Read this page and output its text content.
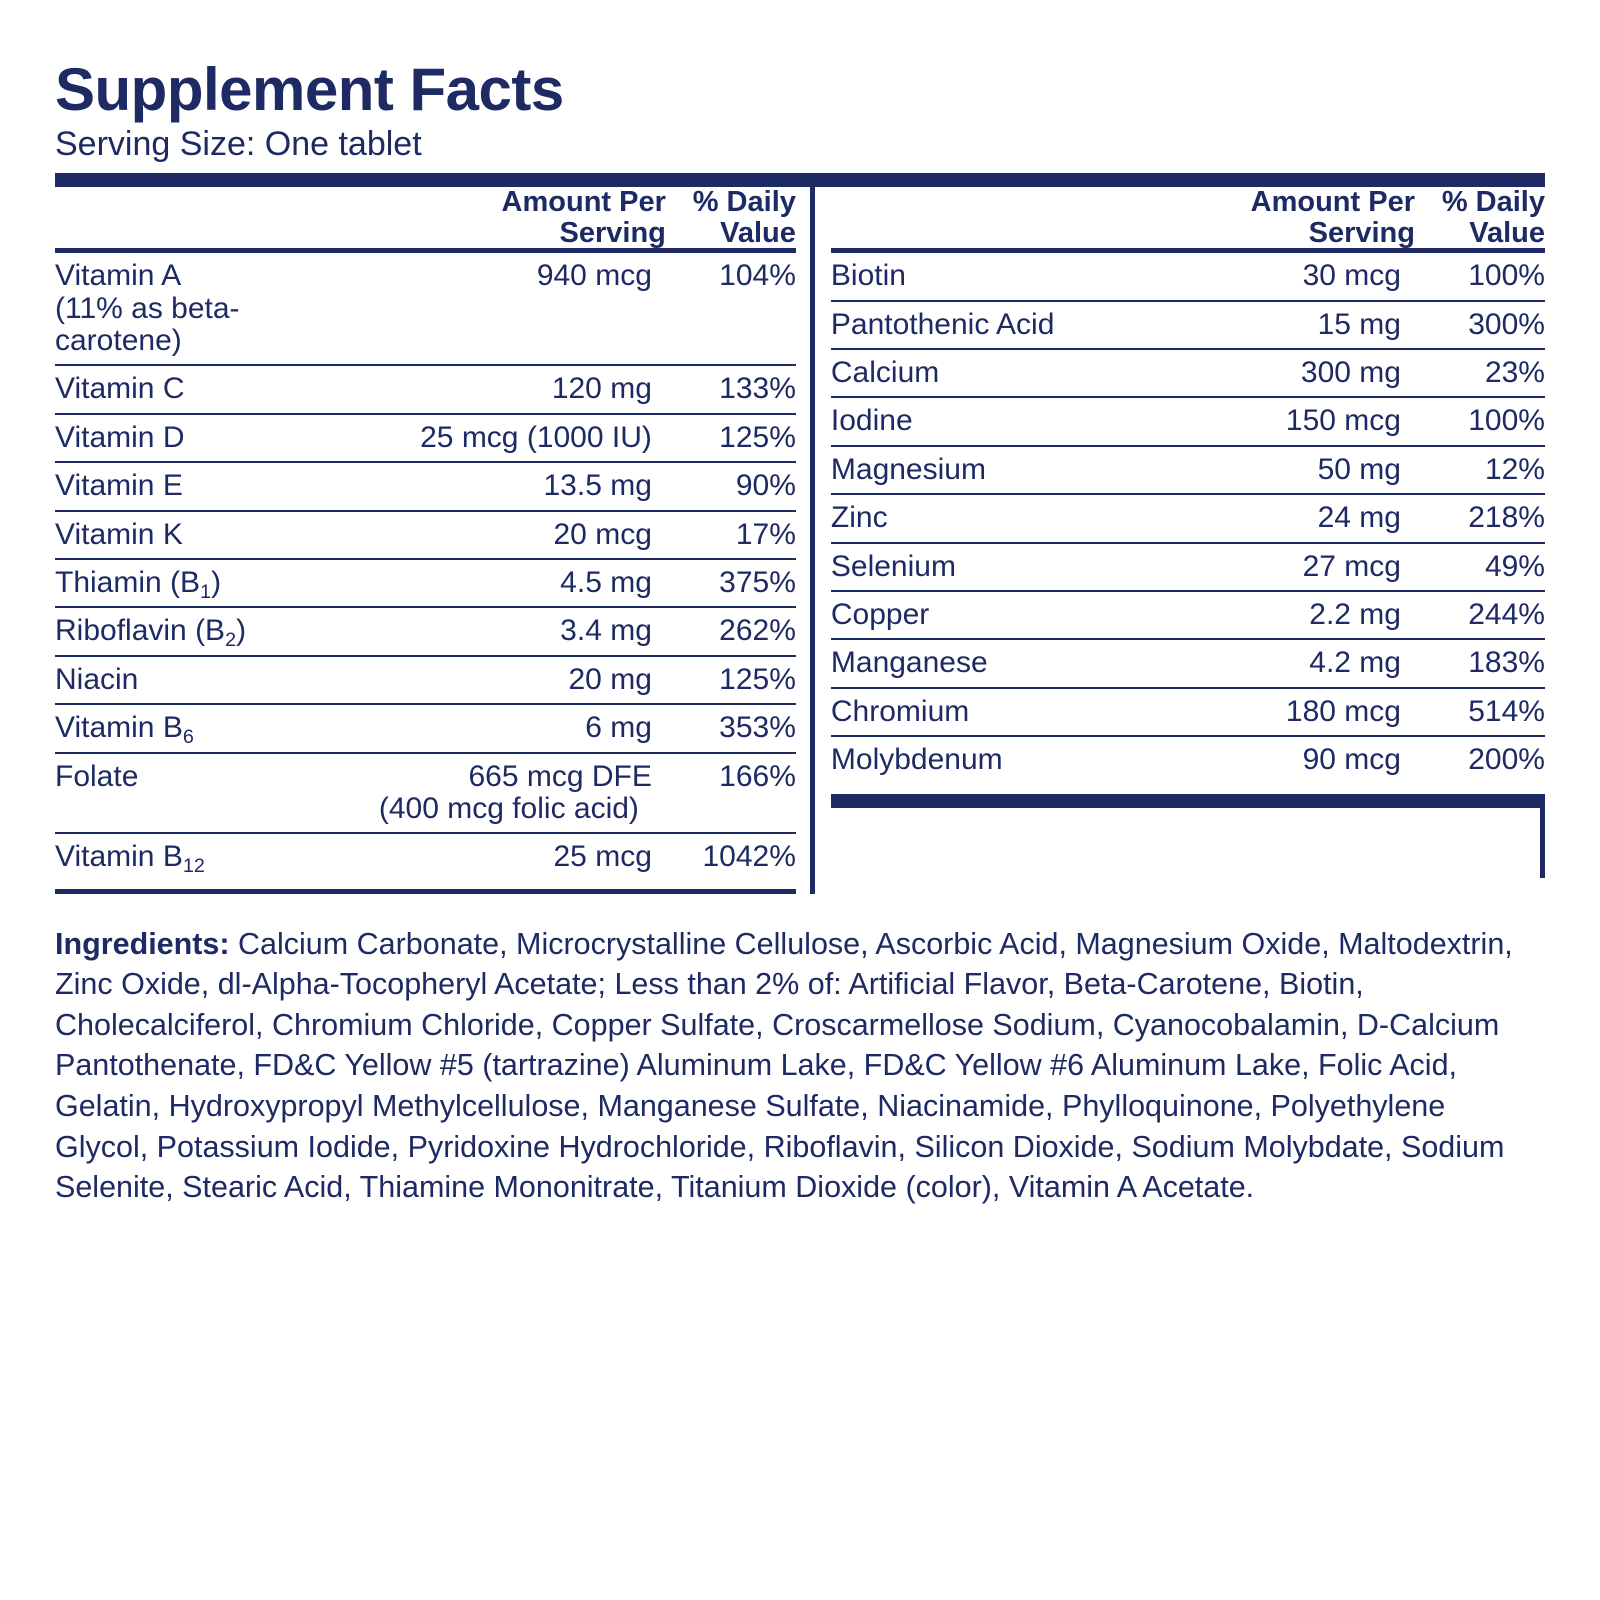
Supplement Facts
Serving Size: One tablet
	Amount Per
Serving	% Daily
Value

Vitamin A	940 mcg	104%
(11% as beta-carotene)		
Vitamin C	120 mg	133%
Vitamin D	25 mcg (1000 IU)	125%
Vitamin E	13.5 mg	90%
Vitamin K	20 mcg	17%
Thiamin $(B_1)$	4.5 mg	375%
Riboflavin $(B_2)$	3.4 mg	262%
Niacin	20 mg	125%
Vitamin $B_6$	6 mg	353%
Folate	665 mcg DFE	166%
	(400 mcg folic acid)	
Vitamin $B_{12}$	25 mcg	1042%
	Amount Per
Serving	% Daily
Value

Biotin	30 mcg	100%
Pantothenic Acid	15 mg	300%
Calcium	300 mg	23%
Iodine	150 mcg	100%
Magnesium	50 mg	12%
Zinc	24 mg	218%
Selenium	27 mcg	49%
Copper	2.2 mg	244%
Manganese	4.2 mg	183%
Chromium	180 mcg	514%
Molybdenum	90 mcg	200%
Ingredients: Calcium Carbonate, Microcrystalline Cellulose, Ascorbic Acid, Magnesium Oxide, Maltodextrin, Zinc Oxide, dl-Alpha-Tocopheryl Acetate; Less than 2% of: Artificial Flavor, Beta-Carotene, Biotin, Cholecalciferol, Chromium Chloride, Copper Sulfate, Croscarmellose Sodium, Cyanocobalamin, D-Calcium Pantothenate, FD&C Yellow #5 (tartrazine) Aluminum Lake, FD&C Yellow #6 Aluminum Lake, Folic Acid, Gelatin, Hydroxypropyl Methylcellulose, Manganese Sulfate, Niacinamide, Phylloquinone, Polyethylene Glycol, Potassium Iodide, Pyridoxine Hydrochloride, Riboflavin, Silicon Dioxide, Sodium Molybdate, Sodium Selenite, Stearic Acid, Thiamine Mononitrate, Titanium Dioxide (color), Vitamin A Acetate.
